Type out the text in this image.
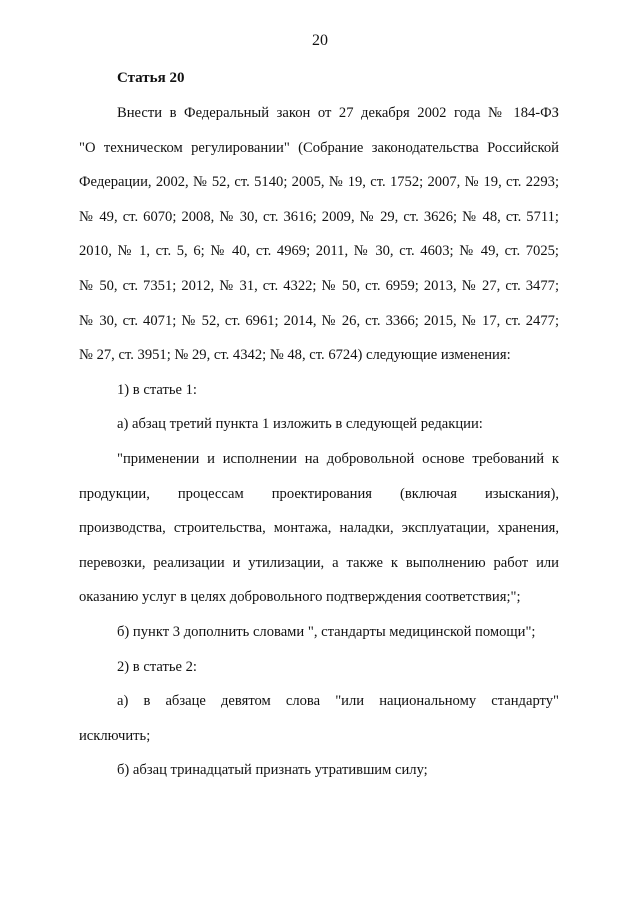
20
Статья 20
Внести в Федеральный закон от 27 декабря 2002 года № 184-ФЗ
"О техническом регулировании" (Собрание законодательства Российской
Федерации, 2002, № 52, ст. 5140; 2005, № 19, ст. 1752; 2007, № 19, ст. 2293;
№ 49, ст. 6070; 2008, № 30, ст. 3616; 2009, № 29, ст. 3626; № 48, ст. 5711;
2010, № 1, ст. 5, 6; № 40, ст. 4969; 2011, № 30, ст. 4603; № 49, ст. 7025;
№ 50, ст. 7351; 2012, № 31, ст. 4322; № 50, ст. 6959; 2013, № 27, ст. 3477;
№ 30, ст. 4071; № 52, ст. 6961; 2014, № 26, ст. 3366; 2015, № 17, ст. 2477;
№ 27, ст. 3951; № 29, ст. 4342; № 48, ст. 6724) следующие изменения:
1) в статье 1:
а) абзац третий пункта 1 изложить в следующей редакции:
"применении и исполнении на добровольной основе требований к
продукции, процессам проектирования (включая изыскания),
производства, строительства, монтажа, наладки, эксплуатации, хранения,
перевозки, реализации и утилизации, а также к выполнению работ или
оказанию услуг в целях добровольного подтверждения соответствия;";
б) пункт 3 дополнить словами ", стандарты медицинской помощи";
2) в статье 2:
а) в абзаце девятом слова "или национальному стандарту"
исключить;
б) абзац тринадцатый признать утратившим силу;
